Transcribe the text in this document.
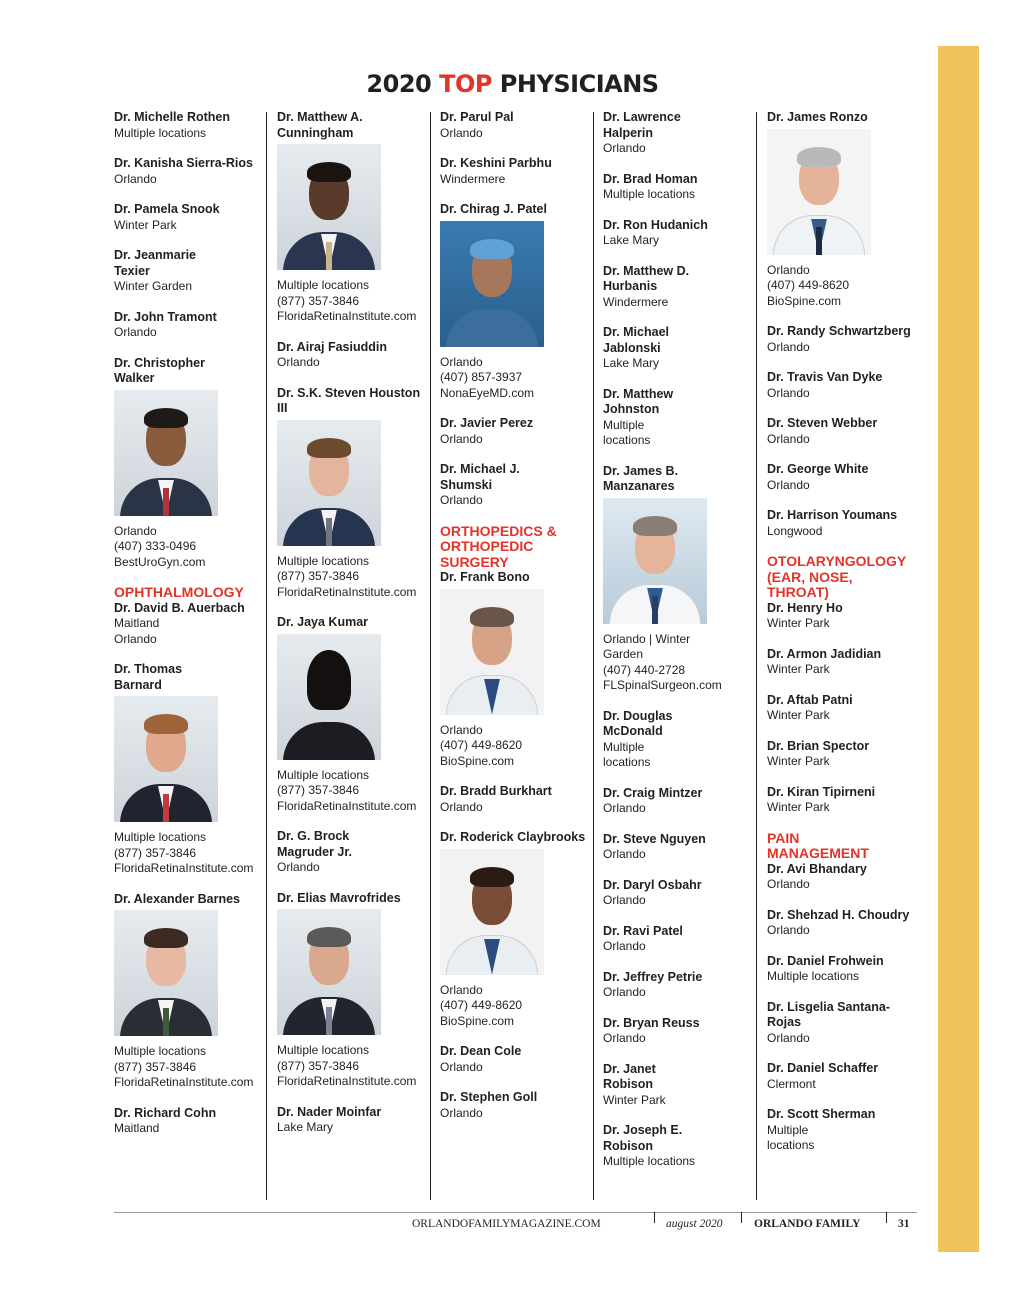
2020 TOP PHYSICIANS
Dr. Michelle Rothen
Multiple locations
Dr. Kanisha Sierra-Rios
Orlando
Dr. Pamela Snook
Winter Park
Dr. Jeanmarie Texier
Winter Garden
Dr. John Tramont
Orlando
Dr. Christopher Walker
Orlando
(407) 333-0496
BestUroGyn.com
OPHTHALMOLOGY
Dr. David B. Auerbach
Maitland
Orlando
Dr. Thomas Barnard
Multiple locations
(877) 357-3846
FloridaRetinaInstitute.com
Dr. Alexander Barnes
Multiple locations
(877) 357-3846
FloridaRetinaInstitute.com
Dr. Richard Cohn
Maitland
Dr. Matthew A. Cunningham
Multiple locations
(877) 357-3846
FloridaRetinaInstitute.com
Dr. Airaj Fasiuddin
Orlando
Dr. S.K. Steven Houston III
Multiple locations
(877) 357-3846
FloridaRetinaInstitute.com
Dr. Jaya Kumar
Multiple locations
(877) 357-3846
FloridaRetinaInstitute.com
Dr. G. Brock Magruder Jr.
Orlando
Dr. Elias Mavrofrides
Multiple locations
(877) 357-3846
FloridaRetinaInstitute.com
Dr. Nader Moinfar
Lake Mary
Dr. Parul Pal
Orlando
Dr. Keshini Parbhu
Windermere
Dr. Chirag J. Patel
Orlando
(407) 857-3937
NonaEyeMD.com
Dr. Javier Perez
Orlando
Dr. Michael J. Shumski
Orlando
ORTHOPEDICS & ORTHOPEDIC SURGERY
Dr. Frank Bono
Orlando
(407) 449-8620
BioSpine.com
Dr. Bradd Burkhart
Orlando
Dr. Roderick Claybrooks
Orlando
(407) 449-8620
BioSpine.com
Dr. Dean Cole
Orlando
Dr. Stephen Goll
Orlando
Dr. Lawrence Halperin
Orlando
Dr. Brad Homan
Multiple locations
Dr. Ron Hudanich
Lake Mary
Dr. Matthew D. Hurbanis
Windermere
Dr. Michael Jablonski
Lake Mary
Dr. Matthew Johnston
Multiple locations
Dr. James B. Manzanares
Orlando | Winter Garden
(407) 440-2728
FLSpinalSurgeon.com
Dr. Douglas McDonald
Multiple locations
Dr. Craig Mintzer
Orlando
Dr. Steve Nguyen
Orlando
Dr. Daryl Osbahr
Orlando
Dr. Ravi Patel
Orlando
Dr. Jeffrey Petrie
Orlando
Dr. Bryan Reuss
Orlando
Dr. Janet Robison
Winter Park
Dr. Joseph E. Robison
Multiple locations
Dr. James Ronzo
Orlando
(407) 449-8620
BioSpine.com
Dr. Randy Schwartzberg
Orlando
Dr. Travis Van Dyke
Orlando
Dr. Steven Webber
Orlando
Dr. George White
Orlando
Dr. Harrison Youmans
Longwood
OTOLARYNGOLOGY (EAR, NOSE, THROAT)
Dr. Henry Ho
Winter Park
Dr. Armon Jadidian
Winter Park
Dr. Aftab Patni
Winter Park
Dr. Brian Spector
Winter Park
Dr. Kiran Tipirneni
Winter Park
PAIN MANAGEMENT
Dr. Avi Bhandary
Orlando
Dr. Shehzad H. Choudry
Orlando
Dr. Daniel Frohwein
Multiple locations
Dr. Lisgelia Santana-Rojas
Orlando
Dr. Daniel Schaffer
Clermont
Dr. Scott Sherman
Multiple
locations
ORLANDOFAMILYMAGAZINE.COM	august 2020	ORLANDO FAMILY	31
